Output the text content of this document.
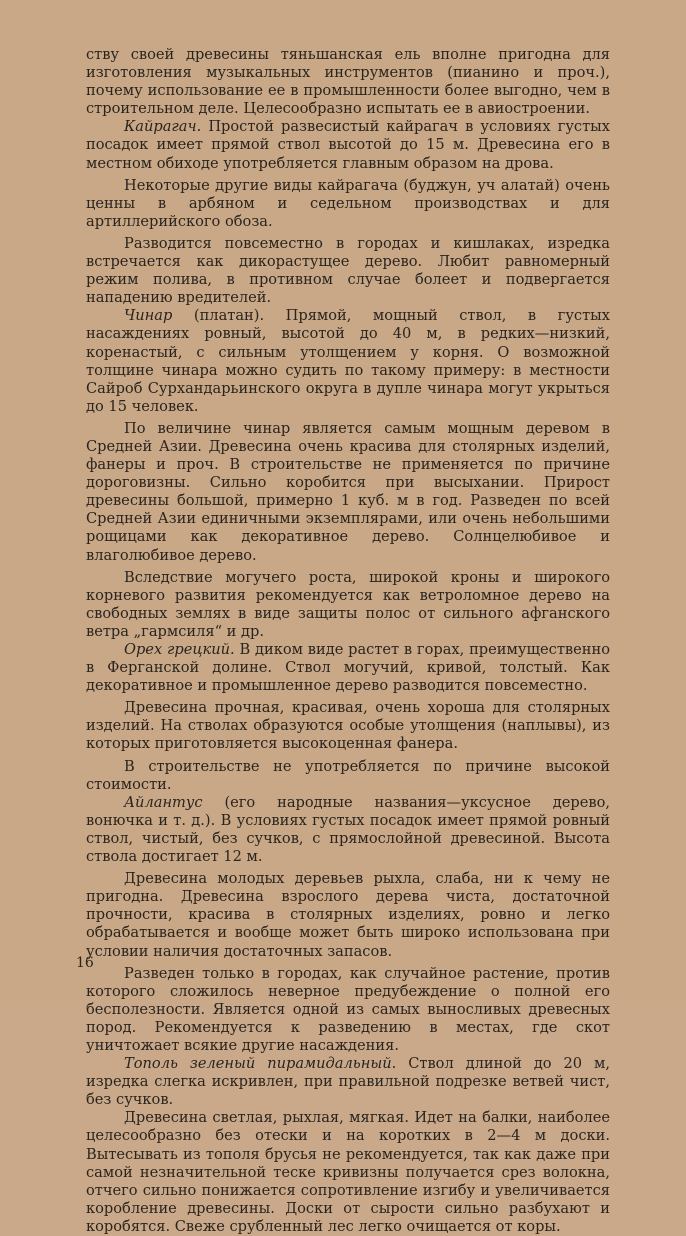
ству своей древесины тяньшанская ель вполне пригодна для изготовления музыкальных инструментов (пианино и проч.), почему использование ее в промышленности более выгодно, чем в строительном деле. Целесообразно испытать ее в авиостроении.

Кайрагач. Простой развесистый кайрагач в условиях густых посадок имеет прямой ствол высотой до 15 м. Древесина его в местном обиходе употребляется главным образом на дрова.

Некоторые другие виды кайрагача (буджун, уч алатай) очень ценны в арбяном и седельном производствах и для артиллерийского обоза.

Разводится повсеместно в городах и кишлаках, изредка встречается как дикорастущее дерево. Любит равномерный режим полива, в противном случае болеет и подвергается нападению вредителей.

Чинар (платан). Прямой, мощный ствол, в густых насаждениях ровный, высотой до 40 м, в редких—низкий, коренастый, с сильным утолщением у корня. О возможной толщине чинара можно судить по такому примеру: в местности Сайроб Сурхандарьинского округа в дупле чинара могут укрыться до 15 человек.

По величине чинар является самым мощным деревом в Средней Азии. Древесина очень красива для столярных изделий, фанеры и проч. В строительстве не применяется по причине дороговизны. Сильно коробится при высыхании. Прирост древесины большой, примерно 1 куб. м в год. Разведен по всей Средней Азии единичными экземплярами, или очень небольшими рощицами как декоративное дерево. Солнцелюбивое и влаголюбивое дерево.

Вследствие могучего роста, широкой кроны и широкого корневого развития рекомендуется как ветроломное дерево на свободных землях в виде защиты полос от сильного афганского ветра „гармсиля“ и др.

Орех грецкий. В диком виде растет в горах, преимущественно в Ферганской долине. Ствол могучий, кривой, толстый. Как декоративное и промышленное дерево разводится повсеместно.

Древесина прочная, красивая, очень хороша для столярных изделий. На стволах образуются особые утолщения (наплывы), из которых приготовляется высокоценная фанера.

В строительстве не употребляется по причине высокой стоимости.

Айлантус (его народные названия—уксусное дерево, вонючка и т. д.). В условиях густых посадок имеет прямой ровный ствол, чистый, без сучков, с прямослойной древесиной. Высота ствола достигает 12 м.

Древесина молодых деревьев рыхла, слаба, ни к чему не пригодна. Древесина взрослого дерева чиста, достаточной прочности, красива в столярных изделиях, ровно и легко обрабатывается и вообще может быть широко использована при условии наличия достаточных запасов.

Разведен только в городах, как случайное растение, против которого сложилось неверное предубеждение о полной его бесполезности. Является одной из самых выносливых древесных пород. Рекомендуется к разведению в местах, где скот уничтожает всякие другие насаждения.

Тополь зеленый пирамидальный. Ствол длиной до 20 м, изредка слегка искривлен, при правильной подрезке ветвей чист, без сучков.

Древесина светлая, рыхлая, мягкая. Идет на балки, наиболее целесообразно без отески и на коротких в 2—4 м доски. Вытесывать из тополя брусья не рекомендуется, так как даже при самой незначительной теске кривизны получается срез волокна, отчего сильно понижается сопротивление изгибу и увеличивается коробление древесины. Доски от сырости сильно разбухают и коробятся. Свеже срубленный лес легко очищается от коры.

16
